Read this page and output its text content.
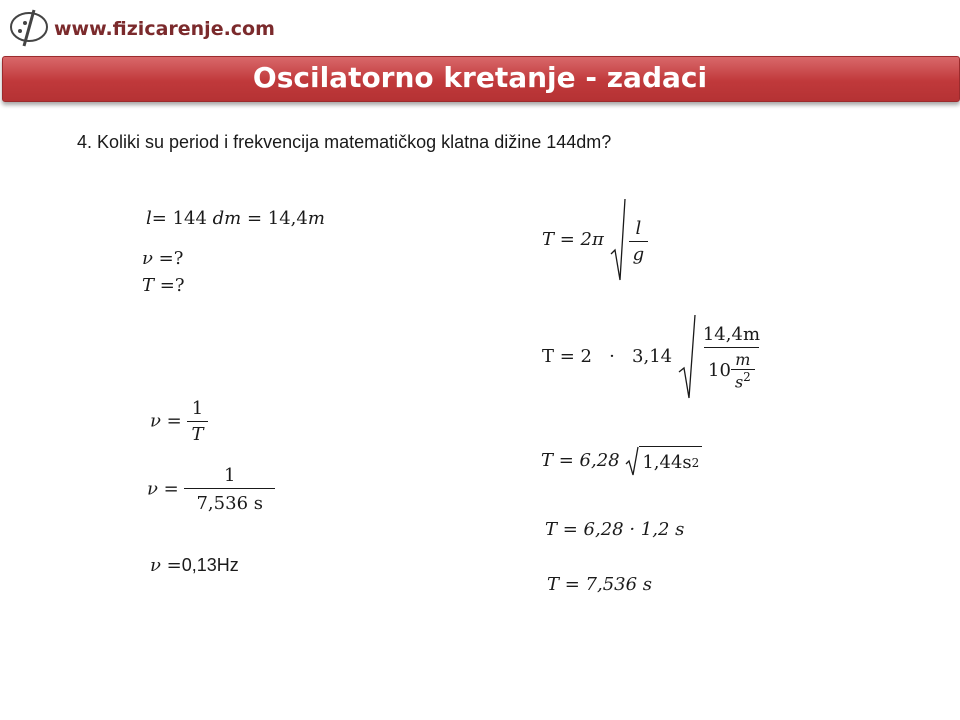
www.fizicarenje.com
Oscilatorno kretanje - zadaci
4. Koliki su period i frekvencija matematičkog klatna dižine 144dm?
l= 144 dm = 14,4m
ν =?
T =?
$\nu = \frac{1}{T}$
$\nu = \frac{1}{7,536 s}$
ν =0,13Hz
$T = 2\pi \frac{l}{g}$
$T = 2 \cdot 3,14 \frac{14,4m}{10 \frac{m}{s^2}}$
T = 6,28 1,44s 2
T = 6,28 · 1,2 s
T = 7,536 s
